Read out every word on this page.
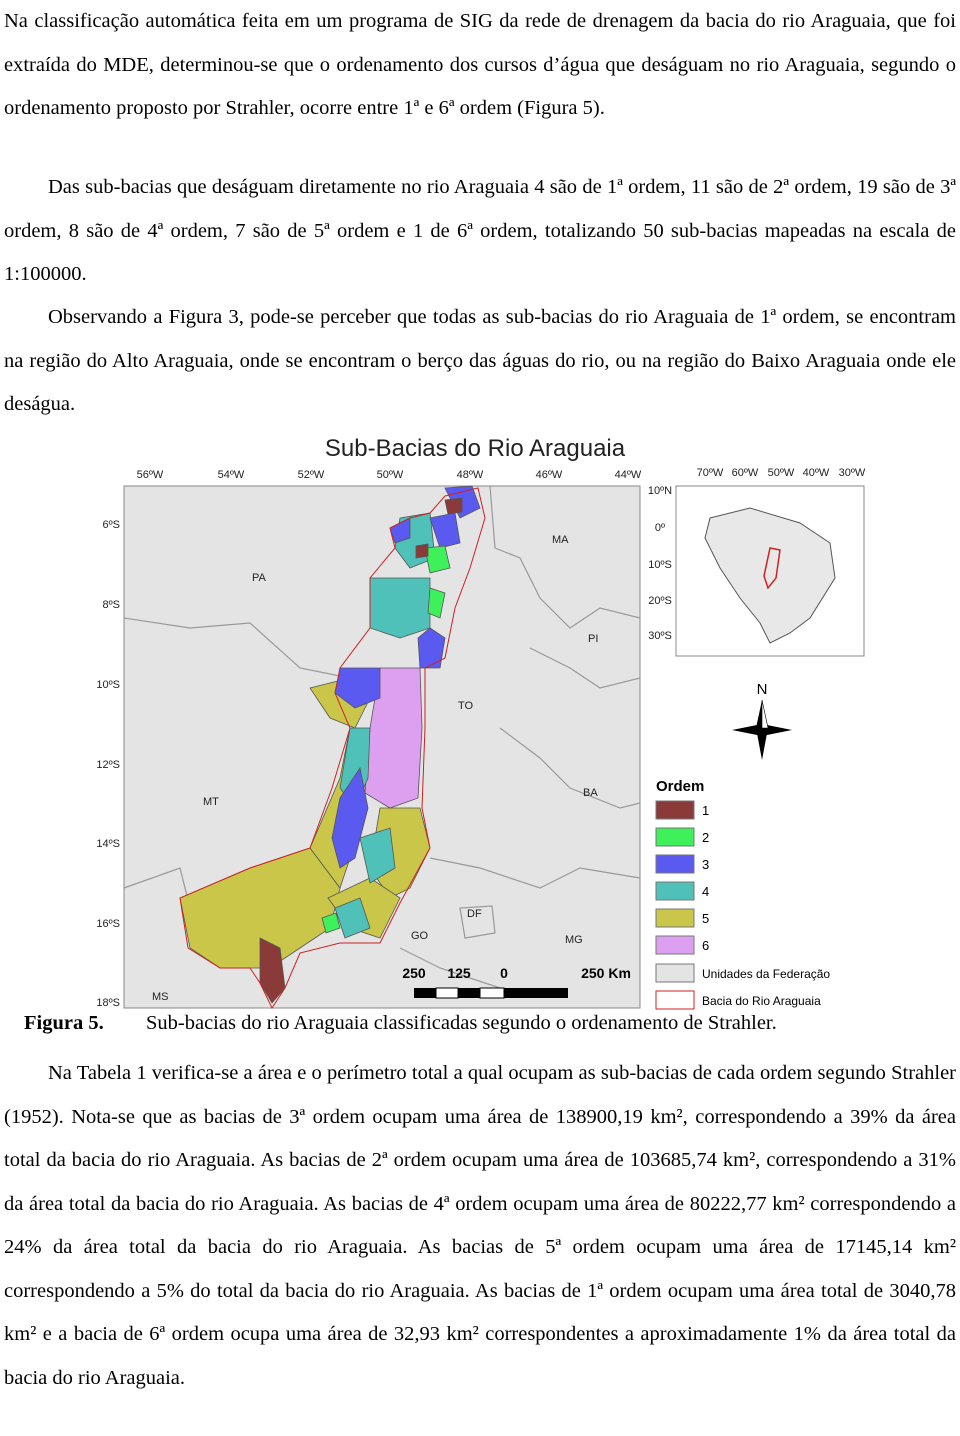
Na classificação automática feita em um programa de SIG da rede de drenagem da bacia do rio Araguaia, que foi extraída do MDE, determinou-se que o ordenamento dos cursos d’água que deságuam no rio Araguaia, segundo o ordenamento proposto por Strahler, ocorre entre 1ª e 6ª ordem (Figura 5).

Das sub-bacias que deságuam diretamente no rio Araguaia 4 são de 1ª ordem, 11 são de 2ª ordem, 19 são de 3ª ordem, 8 são de 4ª ordem, 7 são de 5ª ordem e 1 de 6ª ordem, totalizando 50 sub-bacias mapeadas na escala de 1:100000.

Observando a Figura 3, pode-se perceber que todas as sub-bacias do rio Araguaia de 1ª ordem, se encontram na região do Alto Araguaia, onde se encontram o berço das águas do rio, ou na região do Baixo Araguaia onde ele deságua.

Sub-Bacias do Rio Araguaia
56ºW	54ºW	52ºW	50ºW	48ºW	46ºW	44ºW
6ºS
8ºS
10ºS
12ºS
14ºS
16ºS
18ºS
PA
MA
PI
TO
MT
BA
DF
GO	MG
MS
250 125 0	250 Km
70ºW 60ºW 50ºW 40ºW 30ºW
10ºN
0º
10ºS
20ºS
30ºS
N
Ordem
1
2
3
4
5
6
Unidades da Federação
Bacia do Rio Araguaia
Figura 5. Sub-bacias do rio Araguaia classificadas segundo o ordenamento de Strahler.

Na Tabela 1 verifica-se a área e o perímetro total a qual ocupam as sub-bacias de cada ordem segundo Strahler (1952). Nota-se que as bacias de 3ª ordem ocupam uma área de 138900,19 km², correspondendo a 39% da área total da bacia do rio Araguaia. As bacias de 2ª ordem ocupam uma área de 103685,74 km², correspondendo a 31% da área total da bacia do rio Araguaia. As bacias de 4ª ordem ocupam uma área de 80222,77 km² correspondendo a 24% da área total da bacia do rio Araguaia. As bacias de 5ª ordem ocupam uma área de 17145,14 km² correspondendo a 5% do total da bacia do rio Araguaia. As bacias de 1ª ordem ocupam uma área total de 3040,78 km² e a bacia de 6ª ordem ocupa uma área de 32,93 km² correspondentes a aproximadamente 1% da área total da bacia do rio Araguaia.
